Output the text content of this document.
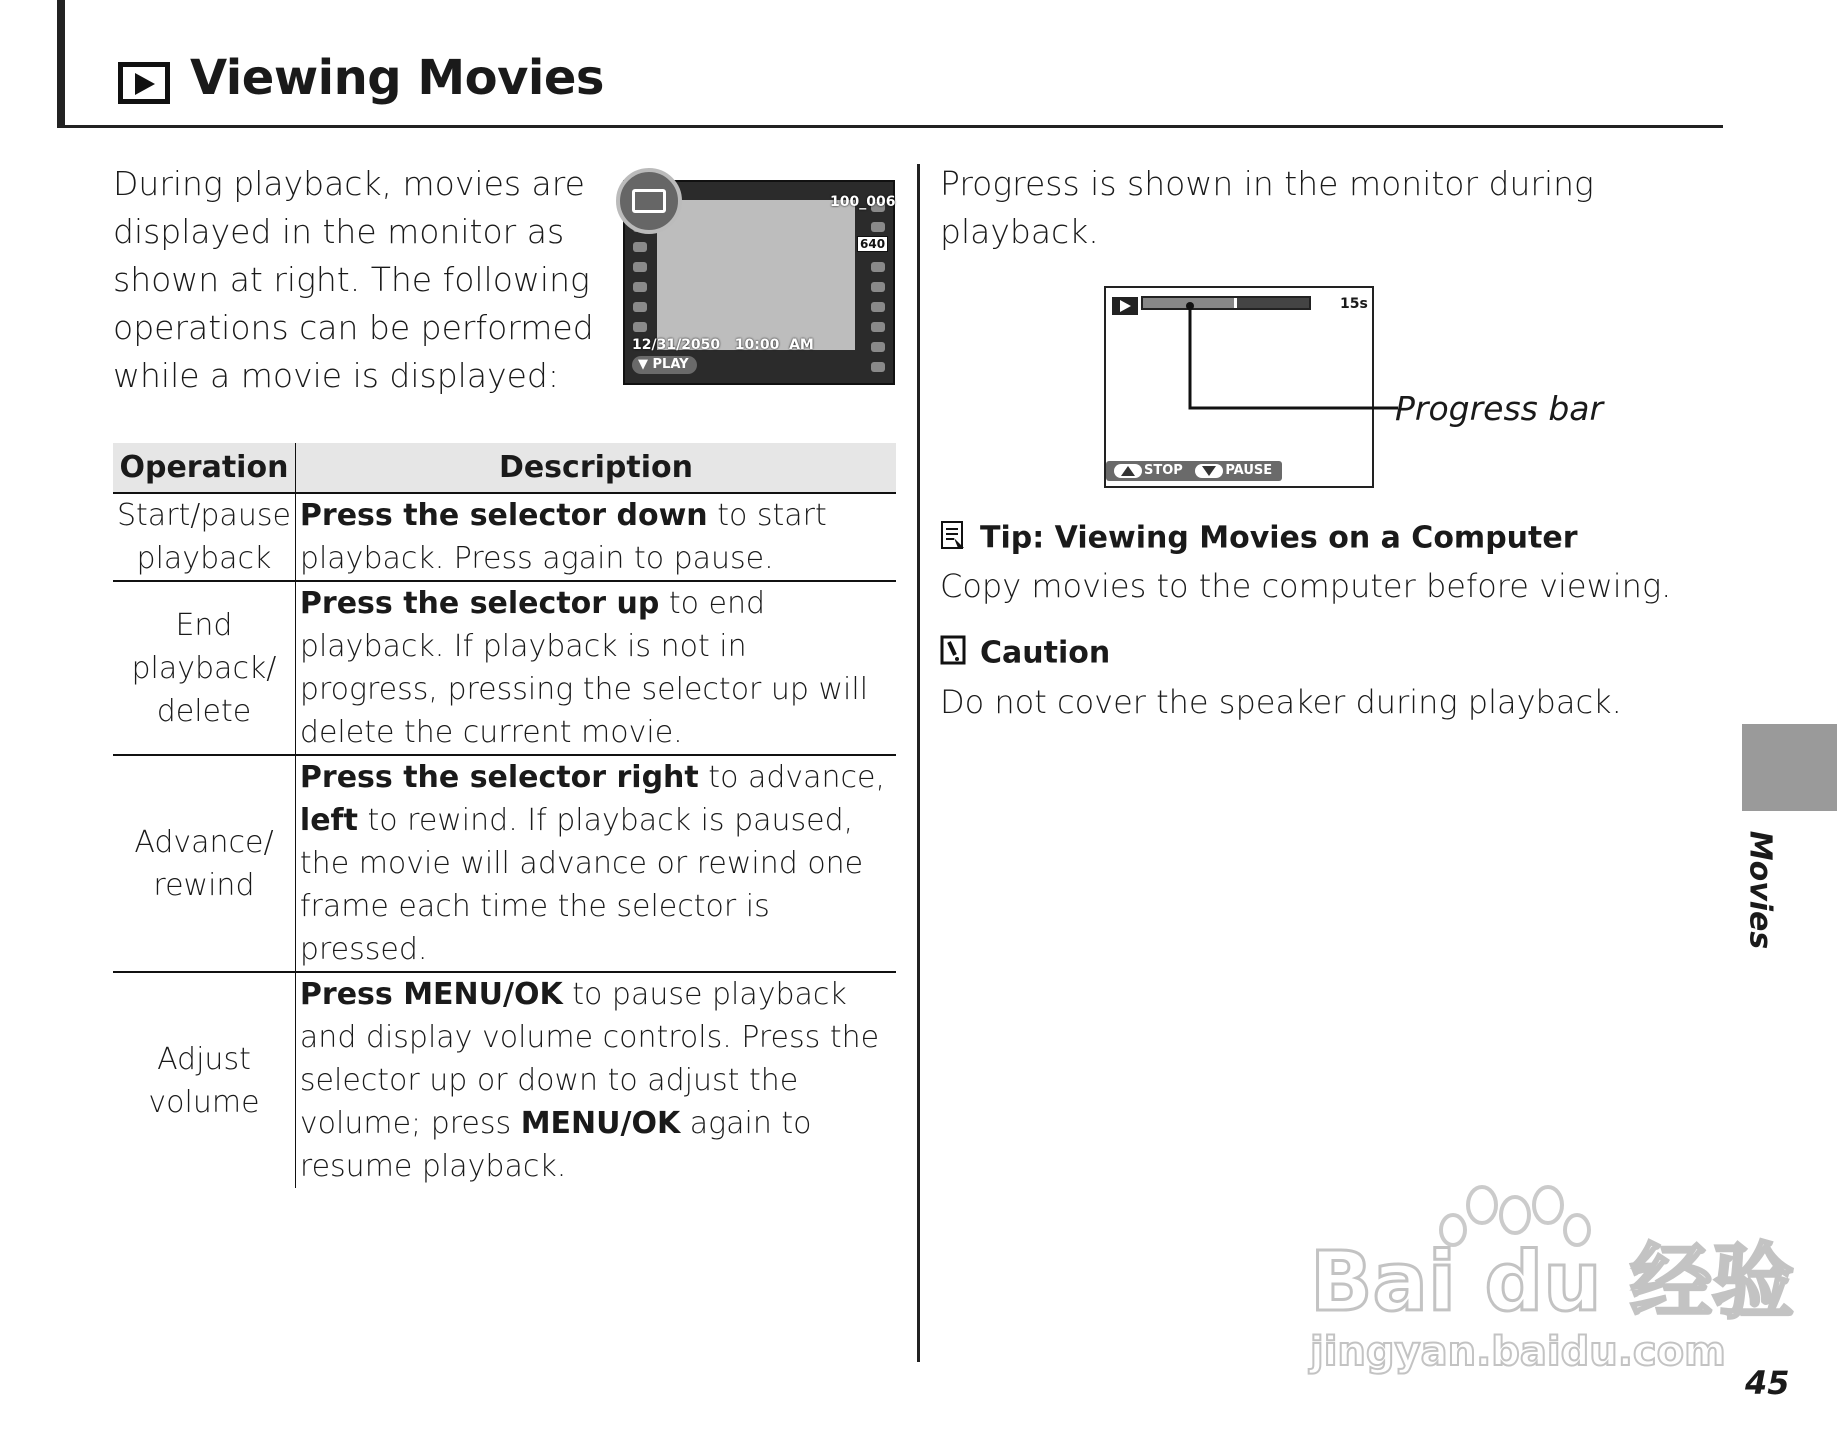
Viewing Movies
During playback, movies are displayed in the monitor as shown at right. The following operations can be performed while a movie is displayed:
100_006
640
12/31/2050   10:00  AM
▼ PLAY
Operation	Description
Start/pause playback	Press the selector down to start playback. Press again to pause.
End playback/ delete	Press the selector up to end playback. If playback is not in progress, pressing the selector up will delete the current movie.
Advance/ rewind	Press the selector right to advance, left to rewind. If playback is paused, the movie will advance or rewind one frame each time the selector is pressed.
Adjust volume	Press MENU/OK to pause playback and display volume controls. Press the selector up or down to adjust the volume; press MENU/OK again to resume playback.
Progress is shown in the monitor during playback.
15s
STOP	PAUSE
Progress bar
Tip: Viewing Movies on a Computer
Copy movies to the computer before viewing.
Caution
Do not cover the speaker during playback.
Movies
45
Bai du 经验
jingyan.baidu.com
